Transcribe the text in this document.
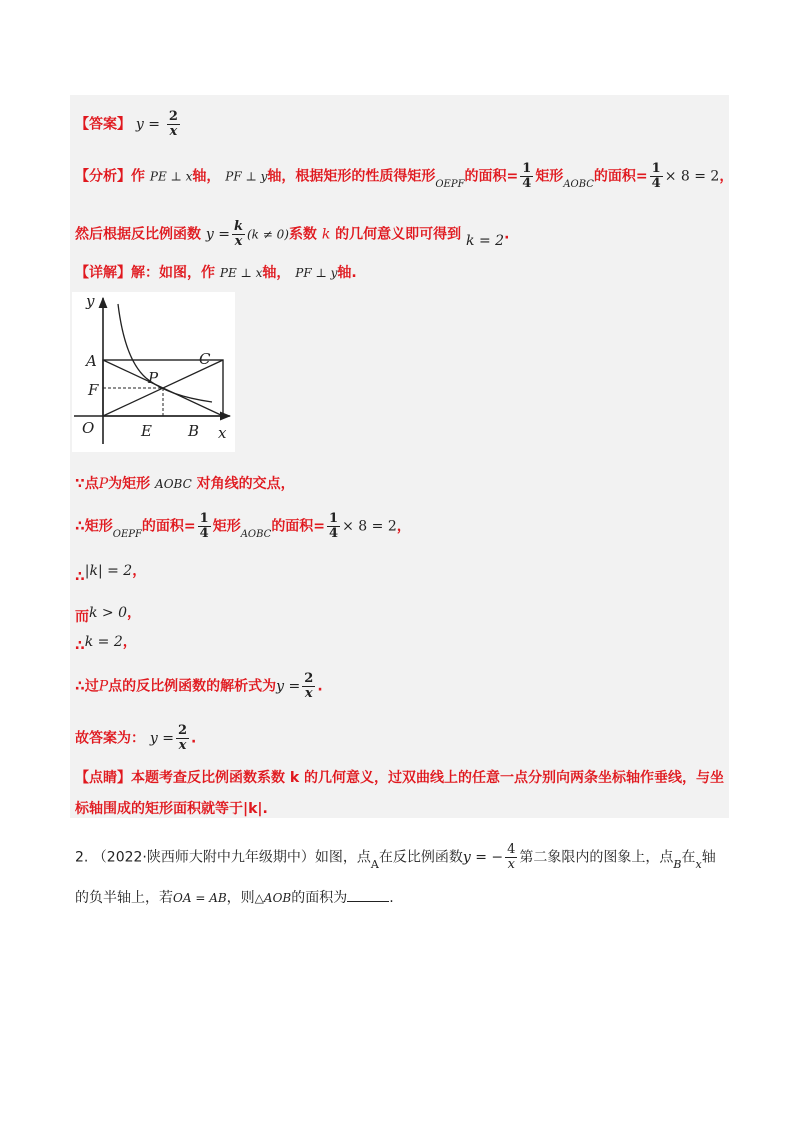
【答案】 $y = \frac{2}{x}$
【分析】作 PE ⊥ x轴， PF ⊥ y轴，根据矩形的性质得矩形$_{OEPF}$的面积= $\frac{1}{4}$ 矩形$_{AOBC}$的面积= $\frac{1}{4} \times 8 = 2$，
然后根据反比例函数 $y = \frac{k}{x} (k \ne 0)$系数 k 的几何意义即可得到 k = 2.
【详解】解：如图，作 PE ⊥ x轴， PF ⊥ y轴.
y
x
A	C
F
P
O	E B
∵点P为矩形 AOBC 对角线的交点，
∴矩形$_{OEPF}$的面积= $\frac{1}{4}$ 矩形$_{AOBC}$的面积= $\frac{1}{4} \times 8 = 2$，
∴|k| = 2，
而k > 0，
∴k = 2，
∴过P点的反比例函数的解析式为$y = \frac{2}{x}$ .
故答案为： $y = \frac{2}{x}$ .
【点睛】本题考查反比例函数系数 k 的几何意义，过双曲线上的任意一点分别向两条坐标轴作垂线，与坐
标轴围成的矩形面积就等于|k|.
2. （2022·陕西师大附中九年级期中）如图，点$_A$在反比例函数y = − $\frac{4}{x}$ 第二象限内的图象上，点$_B$在$_x$轴
的负半轴上，若OA = AB，则△AOB的面积为	.
